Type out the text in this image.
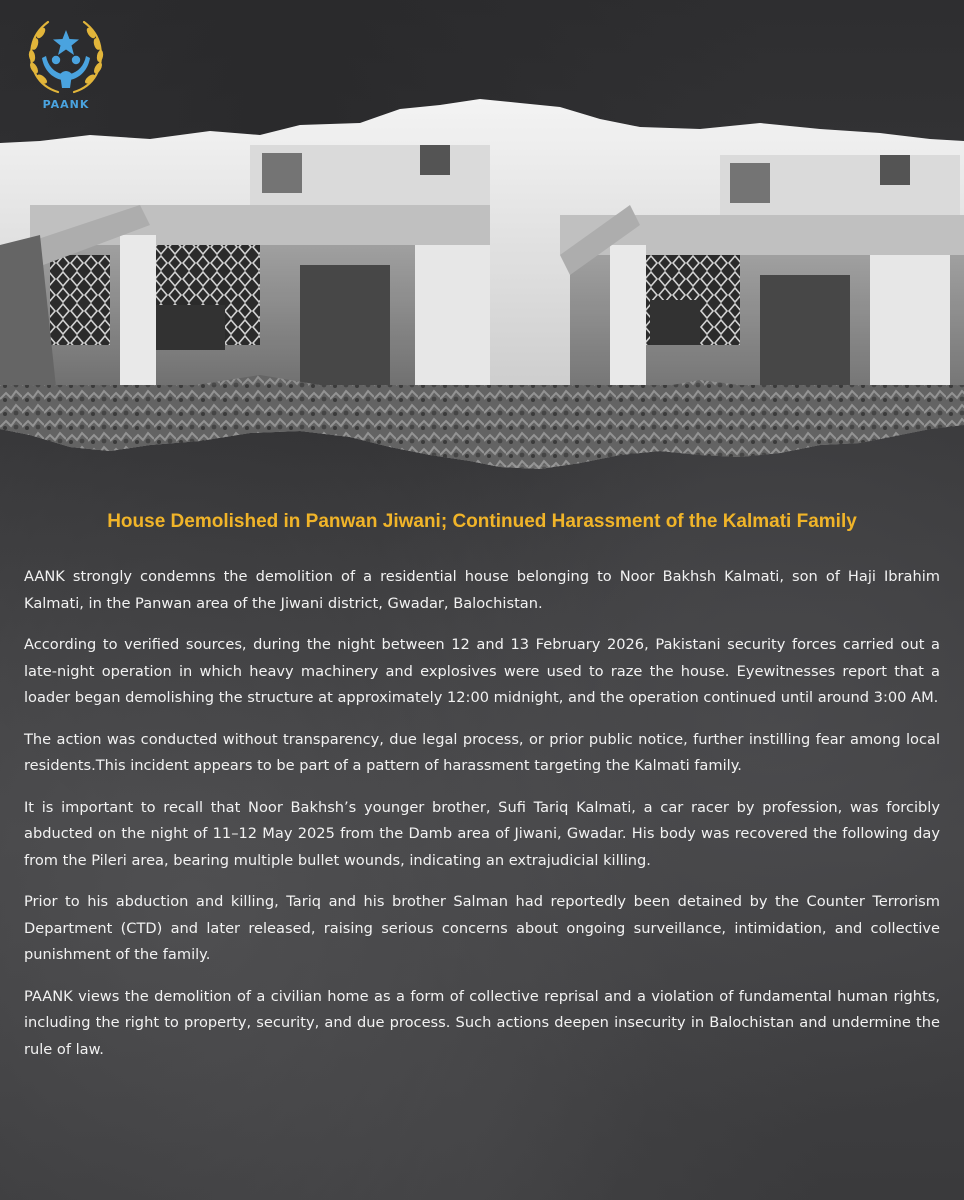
PAANK
House Demolished in Panwan Jiwani; Continued Harassment of the Kalmati Family

AANK strongly condemns the demolition of a residential house belonging to Noor Bakhsh Kalmati, son of Haji Ibrahim Kalmati, in the Panwan area of the Jiwani district, Gwadar, Balochistan.

According to verified sources, during the night between 12 and 13 February 2026, Pakistani security forces carried out a late-night operation in which heavy machinery and explosives were used to raze the house. Eyewitnesses report that a loader began demolishing the structure at approximately 12:00 midnight, and the operation continued until around 3:00 AM.

The action was conducted without transparency, due legal process, or prior public notice, further instilling fear among local residents.This incident appears to be part of a pattern of harassment targeting the Kalmati family.

It is important to recall that Noor Bakhsh’s younger brother, Sufi Tariq Kalmati, a car racer by profession, was forcibly abducted on the night of 11–12 May 2025 from the Damb area of Jiwani, Gwadar. His body was recovered the following day from the Pileri area, bearing multiple bullet wounds, indicating an extrajudicial killing.

Prior to his abduction and killing, Tariq and his brother Salman had reportedly been detained by the Counter Terrorism Department (CTD) and later released, raising serious concerns about ongoing surveillance, intimidation, and collective punishment of the family.

PAANK views the demolition of a civilian home as a form of collective reprisal and a violation of fundamental human rights, including the right to property, security, and due process. Such actions deepen insecurity in Balochistan and undermine the rule of law.
